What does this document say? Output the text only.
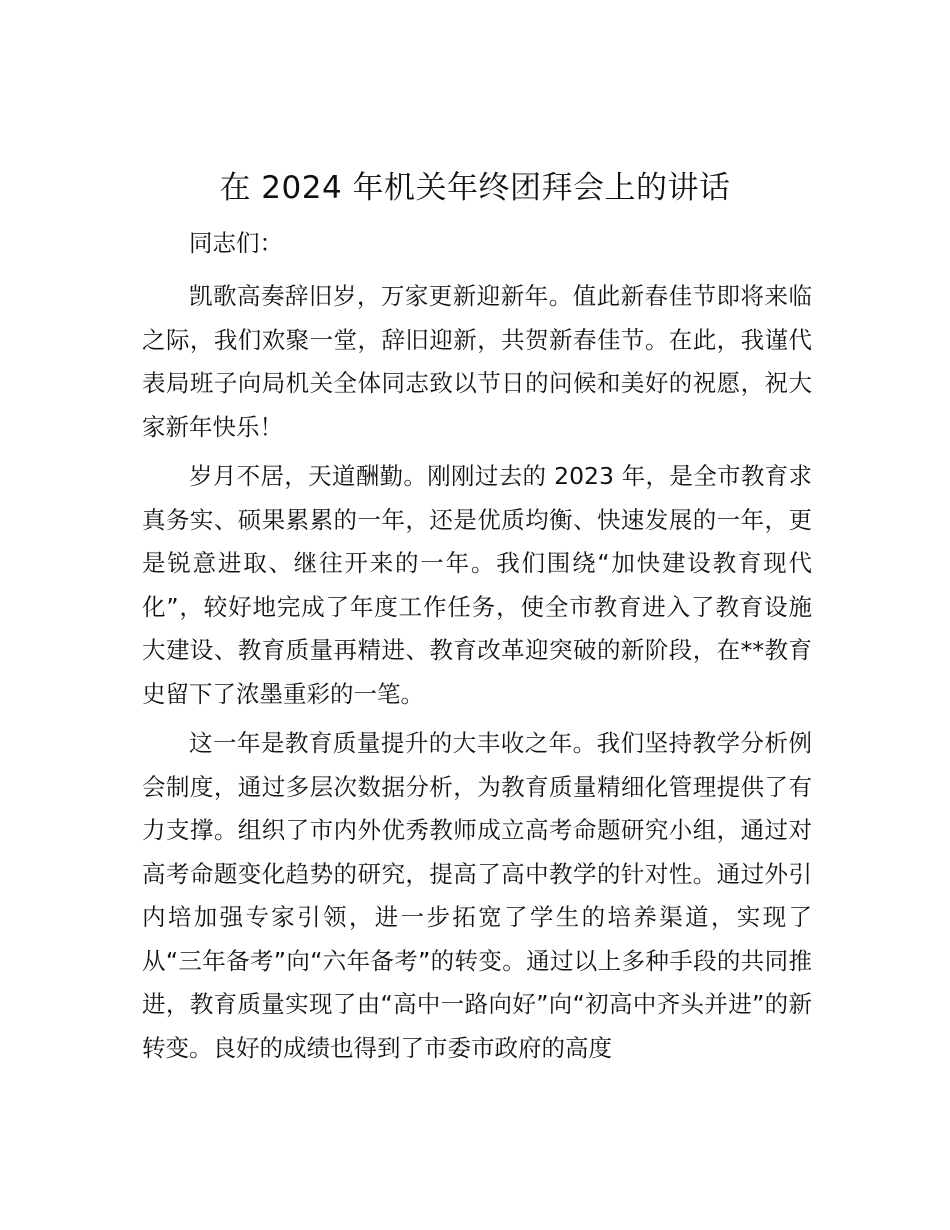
在 2024 年机关年终团拜会上的讲话

同志们：

凯歌高奏辞旧岁，万家更新迎新年。值此新春佳节即将来临之际，我们欢聚一堂，辞旧迎新，共贺新春佳节。在此，我谨代表局班子向局机关全体同志致以节日的问候和美好的祝愿，祝大家新年快乐！

岁月不居，天道酬勤。刚刚过去的 2023 年，是全市教育求真务实、硕果累累的一年，还是优质均衡、快速发展的一年，更是锐意进取、继往开来的一年。我们围绕“加快建设教育现代化”，较好地完成了年度工作任务，使全市教育进入了教育设施大建设、教育质量再精进、教育改革迎突破的新阶段，在**教育史留下了浓墨重彩的一笔。

这一年是教育质量提升的大丰收之年。我们坚持教学分析例会制度，通过多层次数据分析，为教育质量精细化管理提供了有力支撑。组织了市内外优秀教师成立高考命题研究小组，通过对高考命题变化趋势的研究，提高了高中教学的针对性。通过外引内培加强专家引领，进一步拓宽了学生的培养渠道，实现了从“三年备考”向“六年备考”的转变。通过以上多种手段的共同推进，教育质量实现了由“高中一路向好”向“初高中齐头并进”的新转变。良好的成绩也得到了市委市政府的高度
